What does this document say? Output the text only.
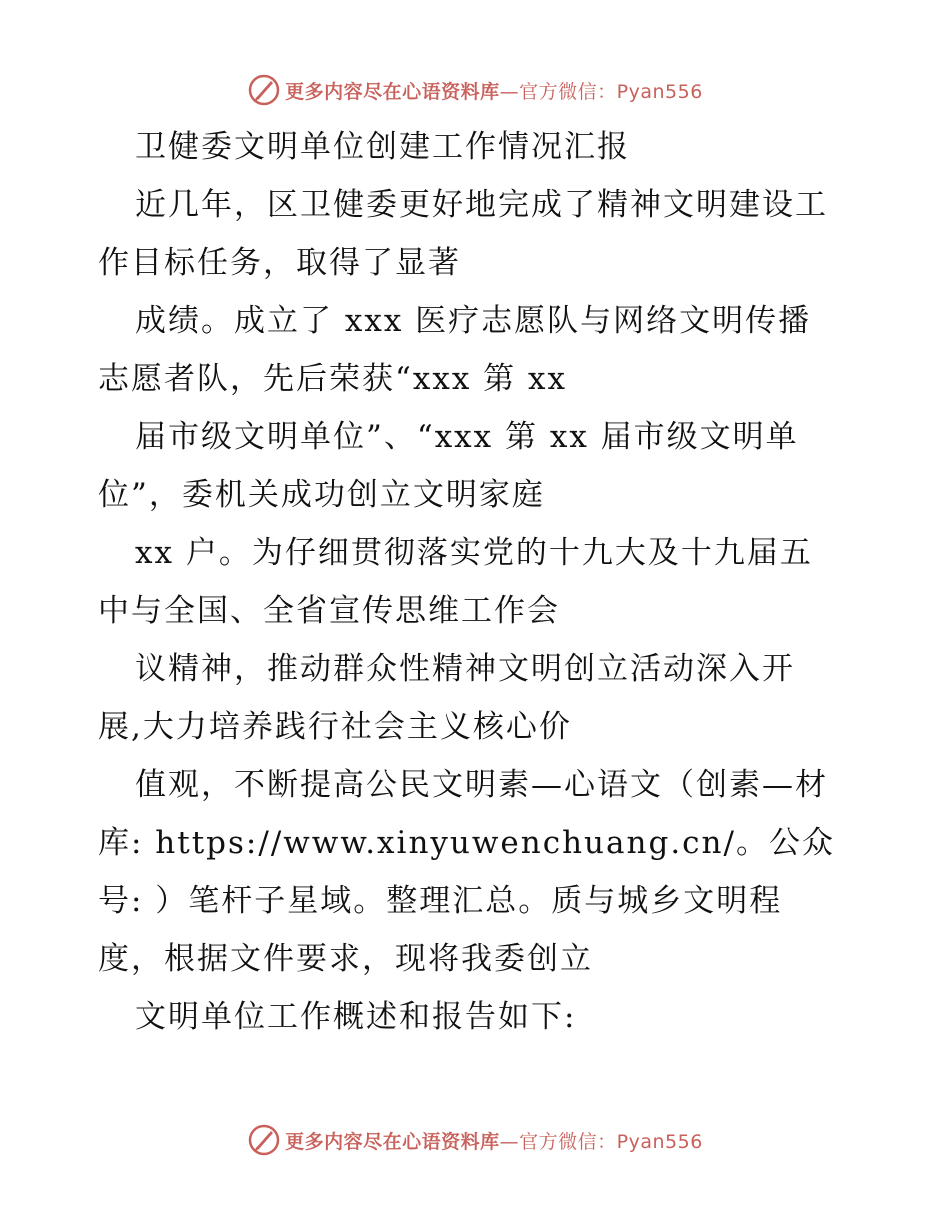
更多内容尽在心语资料库—官方微信：Pyan556
卫健委文明单位创建工作情况汇报
近几年，区卫健委更好地完成了精神文明建设工
作目标任务，取得了显著
成绩。成立了 xxx 医疗志愿队与网络文明传播
志愿者队，先后荣获“xxx 第 xx
届市级文明单位”、“xxx 第 xx 届市级文明单
位”，委机关成功创立文明家庭
xx 户。为仔细贯彻落实党的十九大及十九届五
中与全国、全省宣传思维工作会
议精神，推动群众性精神文明创立活动深入开
展,大力培养践行社会主义核心价
值观，不断提高公民文明素—心语文（创素—材
库: https://www.xinyuwenchuang.cn/。公众
号: ）笔杆子星域。整理汇总。质与城乡文明程
度，根据文件要求，现将我委创立
文明单位工作概述和报告如下:
更多内容尽在心语资料库—官方微信：Pyan556
